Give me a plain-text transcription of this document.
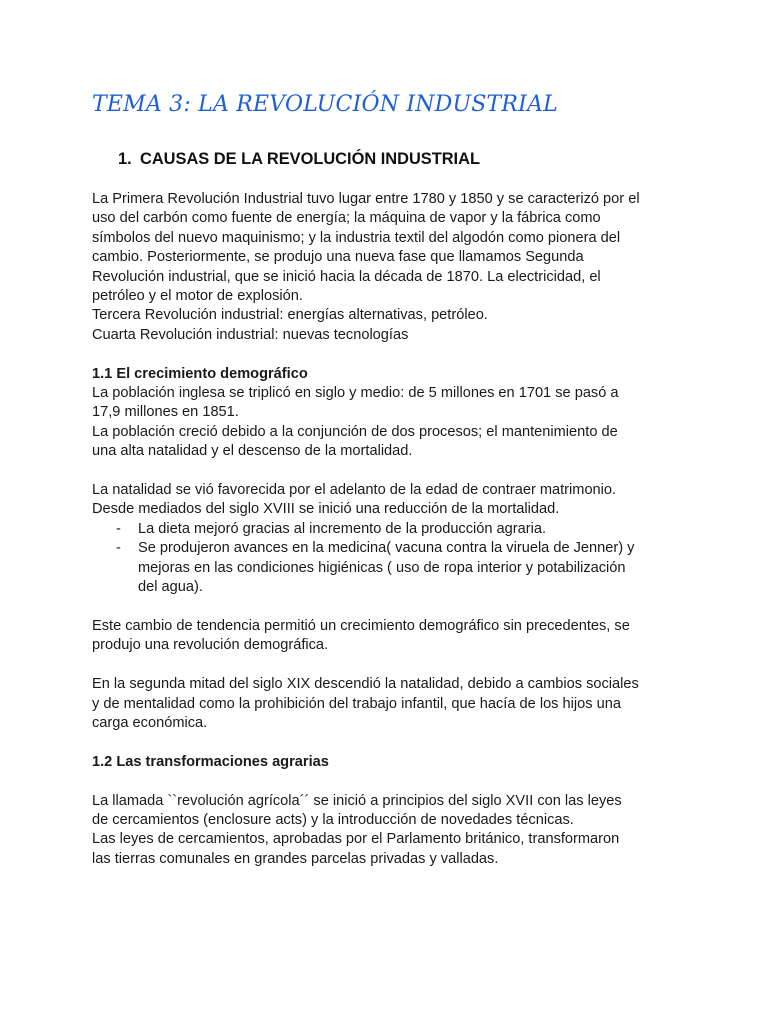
TEMA 3: LA REVOLUCIÓN INDUSTRIAL
1. CAUSAS DE LA REVOLUCIÓN INDUSTRIAL

La Primera Revolución Industrial tuvo lugar entre 1780 y 1850 y se caracterizó por el

uso del carbón como fuente de energía; la máquina de vapor y la fábrica como

símbolos del nuevo maquinismo; y la industria textil del algodón como pionera del

cambio. Posteriormente, se produjo una nueva fase que llamamos Segunda

Revolución industrial, que se inició hacia la década de 1870. La electricidad, el

petróleo y el motor de explosión.

Tercera Revolución industrial: energías alternativas, petróleo.

Cuarta Revolución industrial: nuevas tecnologías

1.1 El crecimiento demográfico

La población inglesa se triplicó en siglo y medio: de 5 millones en 1701 se pasó a

17,9 millones en 1851.

La población creció debido a la conjunción de dos procesos; el mantenimiento de

una alta natalidad y el descenso de la mortalidad.

La natalidad se vió favorecida por el adelanto de la edad de contraer matrimonio.

Desde mediados del siglo XVIII se inició una reducción de la mortalidad.

- La dieta mejoró gracias al incremento de la producción agraria.

- Se produjeron avances en la medicina( vacuna contra la viruela de Jenner) y

mejoras en las condiciones higiénicas ( uso de ropa interior y potabilización

del agua).

Este cambio de tendencia permitió un crecimiento demográfico sin precedentes, se

produjo una revolución demográfica.

En la segunda mitad del siglo XIX descendió la natalidad, debido a cambios sociales

y de mentalidad como la prohibición del trabajo infantil, que hacía de los hijos una

carga económica.

1.2 Las transformaciones agrarias

La llamada ``revolución agrícola´´ se inició a principios del siglo XVII con las leyes

de cercamientos (enclosure acts) y la introducción de novedades técnicas.

Las leyes de cercamientos, aprobadas por el Parlamento británico, transformaron

las tierras comunales en grandes parcelas privadas y valladas.
